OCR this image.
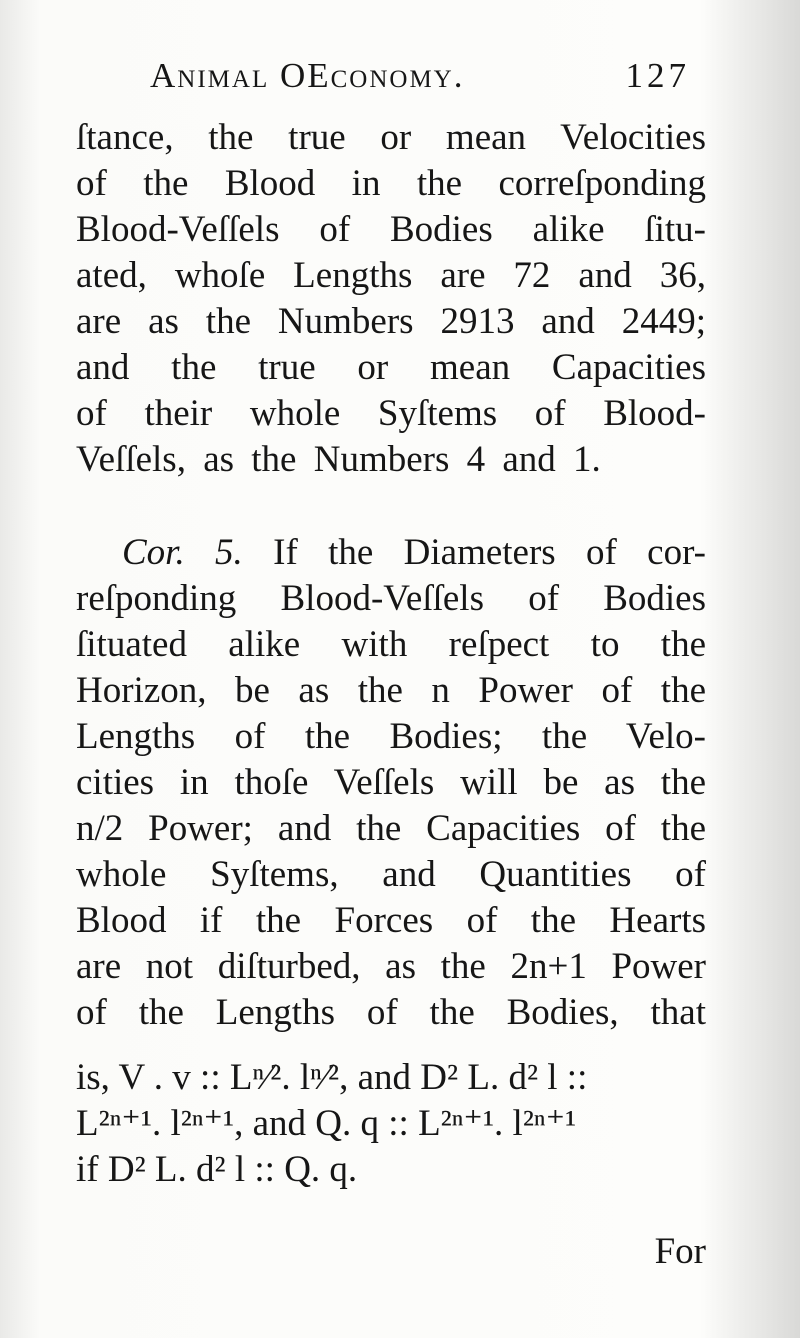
Animal OEconomy.	127
ſtance, the true or mean Velocities
of the Blood in the correſponding
Blood-Veſſels of Bodies alike ſitu-
ated, whoſe Lengths are 72 and 36,
are as the Numbers 2913 and 2449;
and the true or mean Capacities
of their whole Syſtems of Blood-
Veſſels, as the Numbers 4 and 1.
Cor. 5. If the Diameters of cor-
reſponding Blood-Veſſels of Bodies
ſituated alike with reſpect to the
Horizon, be as the n Power of the
Lengths of the Bodies; the Velo-
cities in thoſe Veſſels will be as the
n/2 Power; and the Capacities of the
whole Syſtems, and Quantities of
Blood if the Forces of the Hearts
are not diſturbed, as the 2n+1 Power
of the Lengths of the Bodies, that
is, V . v :: Lⁿ⁄². lⁿ⁄², and D² L. d² l ::
L²ⁿ⁺¹. l²ⁿ⁺¹, and Q. q :: L²ⁿ⁺¹. l²ⁿ⁺¹
if D² L. d² l :: Q. q.
For
